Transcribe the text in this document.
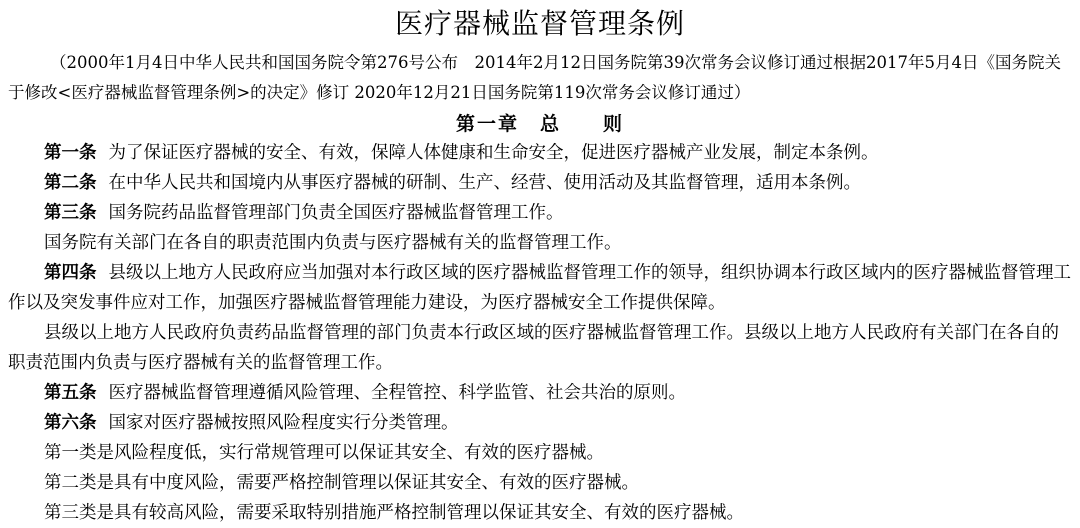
医疗器械监督管理条例
（2000年1月4日中华人民共和国国务院令第276号公布　2014年2月12日国务院第39次常务会议修订通过根据2017年5月4日《国务院关于修改<医疗器械监督管理条例>的决定》修订 2020年12月21日国务院第119次常务会议修订通过）
第一章　总　　则

第一条 为了保证医疗器械的安全、有效，保障人体健康和生命安全，促进医疗器械产业发展，制定本条例。

第二条 在中华人民共和国境内从事医疗器械的研制、生产、经营、使用活动及其监督管理，适用本条例。

第三条 国务院药品监督管理部门负责全国医疗器械监督管理工作。

国务院有关部门在各自的职责范围内负责与医疗器械有关的监督管理工作。

第四条 县级以上地方人民政府应当加强对本行政区域的医疗器械监督管理工作的领导，组织协调本行政区域内的医疗器械监督管理工作以及突发事件应对工作，加强医疗器械监督管理能力建设，为医疗器械安全工作提供保障。

县级以上地方人民政府负责药品监督管理的部门负责本行政区域的医疗器械监督管理工作。县级以上地方人民政府有关部门在各自的职责范围内负责与医疗器械有关的监督管理工作。

第五条 医疗器械监督管理遵循风险管理、全程管控、科学监管、社会共治的原则。

第六条 国家对医疗器械按照风险程度实行分类管理。

第一类是风险程度低，实行常规管理可以保证其安全、有效的医疗器械。

第二类是具有中度风险，需要严格控制管理以保证其安全、有效的医疗器械。

第三类是具有较高风险，需要采取特别措施严格控制管理以保证其安全、有效的医疗器械。
